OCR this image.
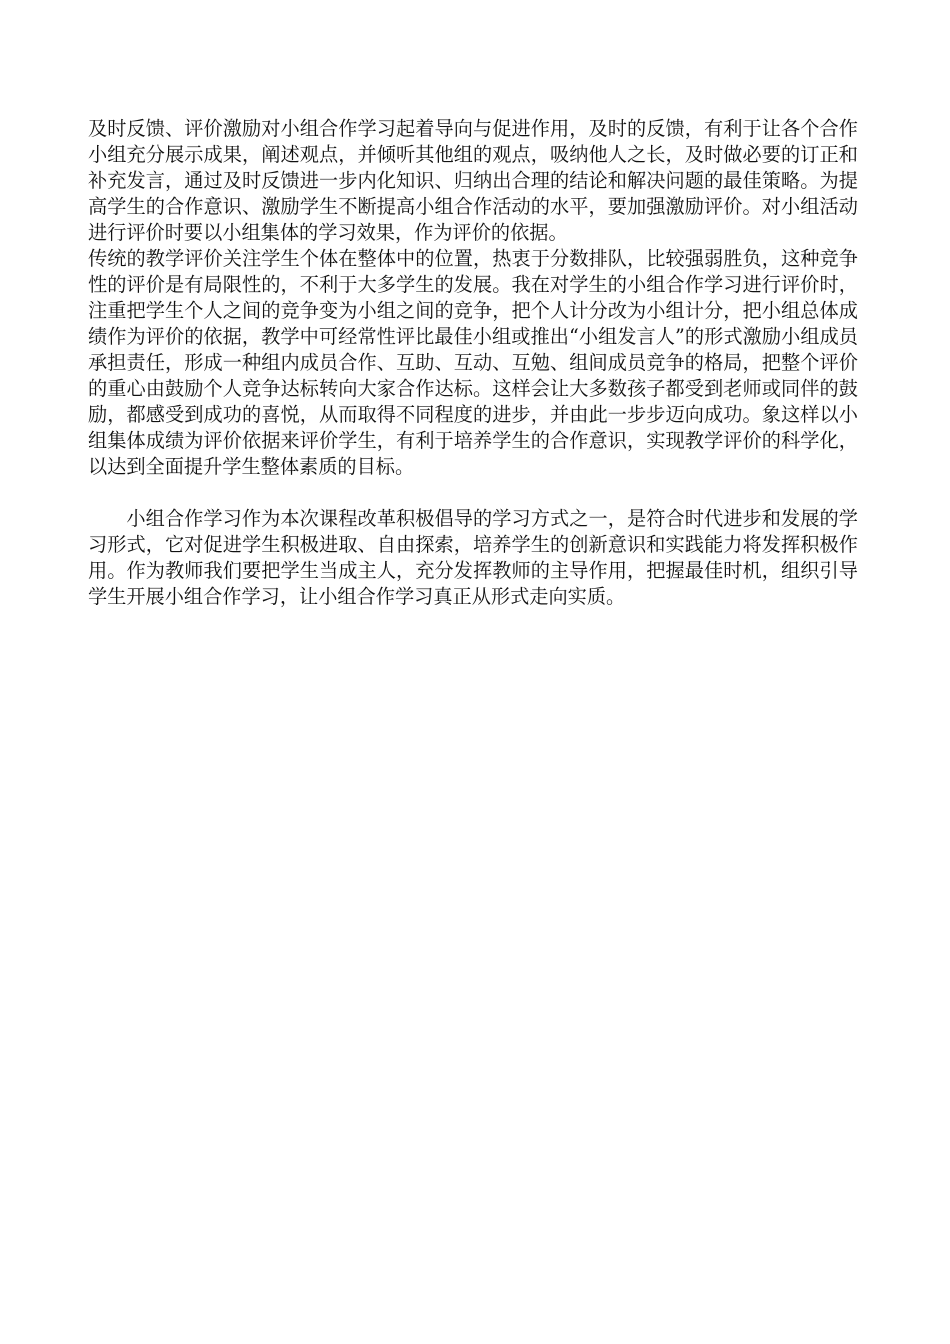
及时反馈、评价激励对小组合作学习起着导向与促进作用，及时的反馈，有利于让各个合作小组充分展示成果，阐述观点，并倾听其他组的观点，吸纳他人之长，及时做必要的订正和补充发言，通过及时反馈进一步内化知识、归纳出合理的结论和解决问题的最佳策略。为提高学生的合作意识、激励学生不断提高小组合作活动的水平，要加强激励评价。对小组活动进行评价时要以小组集体的学习效果，作为评价的依据。

传统的教学评价关注学生个体在整体中的位置，热衷于分数排队，比较强弱胜负，这种竞争性的评价是有局限性的，不利于大多学生的发展。我在对学生的小组合作学习进行评价时，注重把学生个人之间的竞争变为小组之间的竞争，把个人计分改为小组计分，把小组总体成绩作为评价的依据，教学中可经常性评比最佳小组或推出“小组发言人”的形式激励小组成员承担责任，形成一种组内成员合作、互助、互动、互勉、组间成员竞争的格局，把整个评价的重心由鼓励个人竞争达标转向大家合作达标。这样会让大多数孩子都受到老师或同伴的鼓励，都感受到成功的喜悦，从而取得不同程度的进步，并由此一步步迈向成功。象这样以小组集体成绩为评价依据来评价学生，有利于培养学生的合作意识，实现教学评价的科学化，以达到全面提升学生整体素质的目标。

小组合作学习作为本次课程改革积极倡导的学习方式之一，是符合时代进步和发展的学习形式，它对促进学生积极进取、自由探索，培养学生的创新意识和实践能力将发挥积极作用。作为教师我们要把学生当成主人，充分发挥教师的主导作用，把握最佳时机，组织引导学生开展小组合作学习，让小组合作学习真正从形式走向实质。
